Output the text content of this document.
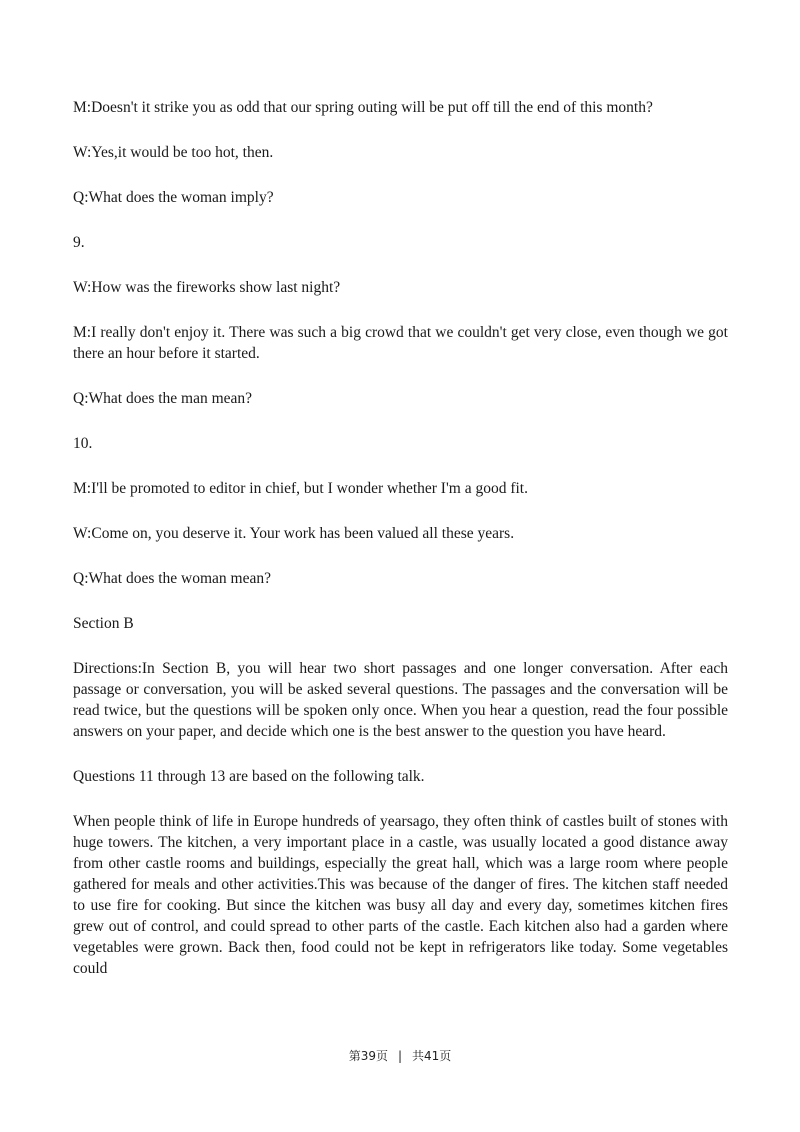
M:Doesn't it strike you as odd that our spring outing will be put off till the end of this month?

W:Yes,it would be too hot, then.

Q:What does the woman imply?

9.

W:How was the fireworks show last night?

M:I really don't enjoy it. There was such a big crowd that we couldn't get very close, even though we got there an hour before it started.

Q:What does the man mean?

10.

M:I'll be promoted to editor in chief, but I wonder whether I'm a good fit.

W:Come on, you deserve it. Your work has been valued all these years.

Q:What does the woman mean?

Section B

Directions:In Section B, you will hear two short passages and one longer conversation. After each passage or conversation, you will be asked several questions. The passages and the conversation will be read twice, but the questions will be spoken only once. When you hear a question, read the four possible answers on your paper, and decide which one is the best answer to the question you have heard.

Questions 11 through 13 are based on the following talk.

When people think of life in Europe hundreds of yearsago, they often think of castles built of stones with huge towers. The kitchen, a very important place in a castle, was usually located a good distance away from other castle rooms and buildings, especially the great hall, which was a large room where people gathered for meals and other activities.This was because of the danger of fires. The kitchen staff needed to use fire for cooking. But since the kitchen was busy all day and every day, sometimes kitchen fires grew out of control, and could spread to other parts of the castle. Each kitchen also had a garden where vegetables were grown. Back then, food could not be kept in refrigerators like today. Some vegetables could

第39页 | 共41页
